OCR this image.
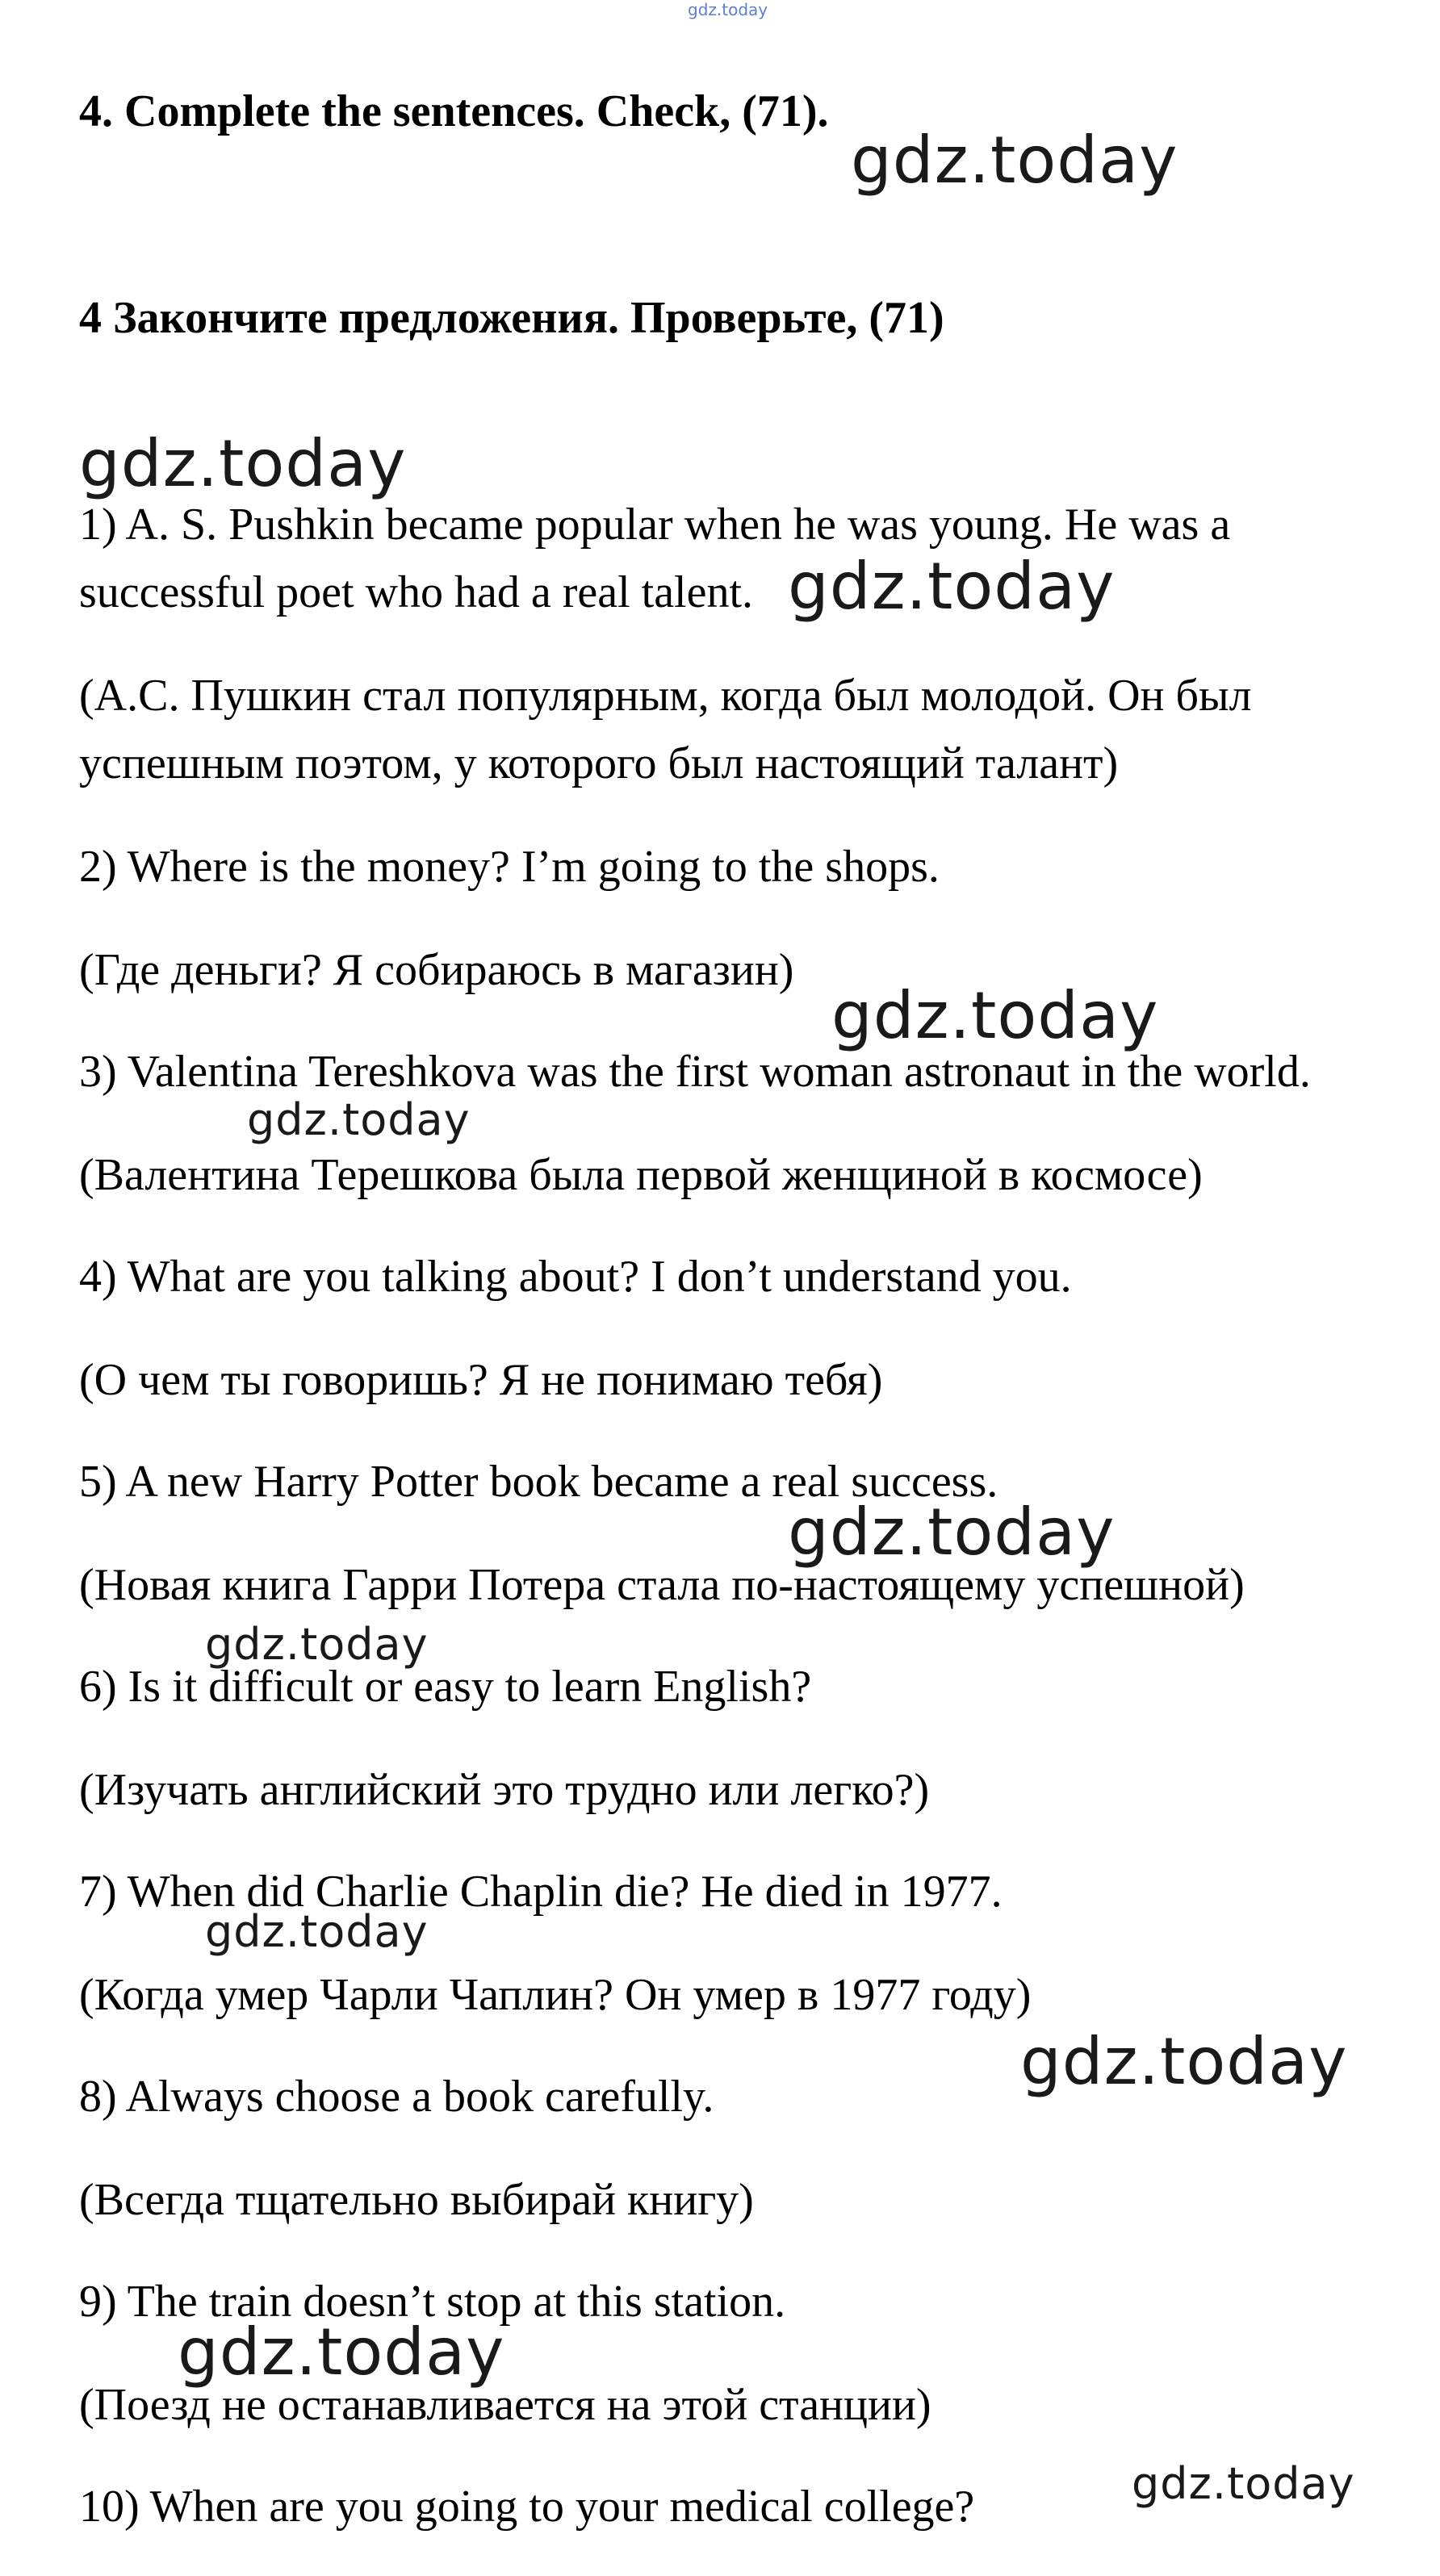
gdz.today

4. Complete the sentences. Check, (71).

4 Закончите предложения. Проверьте, (71)

1) A. S. Pushkin became popular when he was young. He was a

successful poet who had a real talent.

(А.С. Пушкин стал популярным, когда был молодой. Он был

успешным поэтом, у которого был настоящий талант)

2) Where is the money? I’m going to the shops.

(Где деньги? Я собираюсь в магазин)

3) Valentina Tereshkova was the first woman astronaut in the world.

(Валентина Терешкова была первой женщиной в космосе)

4) What are you talking about? I don’t understand you.

(О чем ты говоришь? Я не понимаю тебя)

5) A new Harry Potter book became a real success.

(Новая книга Гарри Потера стала по-настоящему успешной)

6) Is it difficult or easy to learn English?

(Изучать английский это трудно или легко?)

7) When did Charlie Chaplin die? He died in 1977.

(Когда умер Чарли Чаплин? Он умер в 1977 году)

8) Always choose a book carefully.

(Всегда тщательно выбирай книгу)

9) The train doesn’t stop at this station.

(Поезд не останавливается на этой станции)

10) When are you going to your medical college?

gdz.today
gdz.today
gdz.today
gdz.today
gdz.today
gdz.today
gdz.today
gdz.today
gdz.today
gdz.today
gdz.today
